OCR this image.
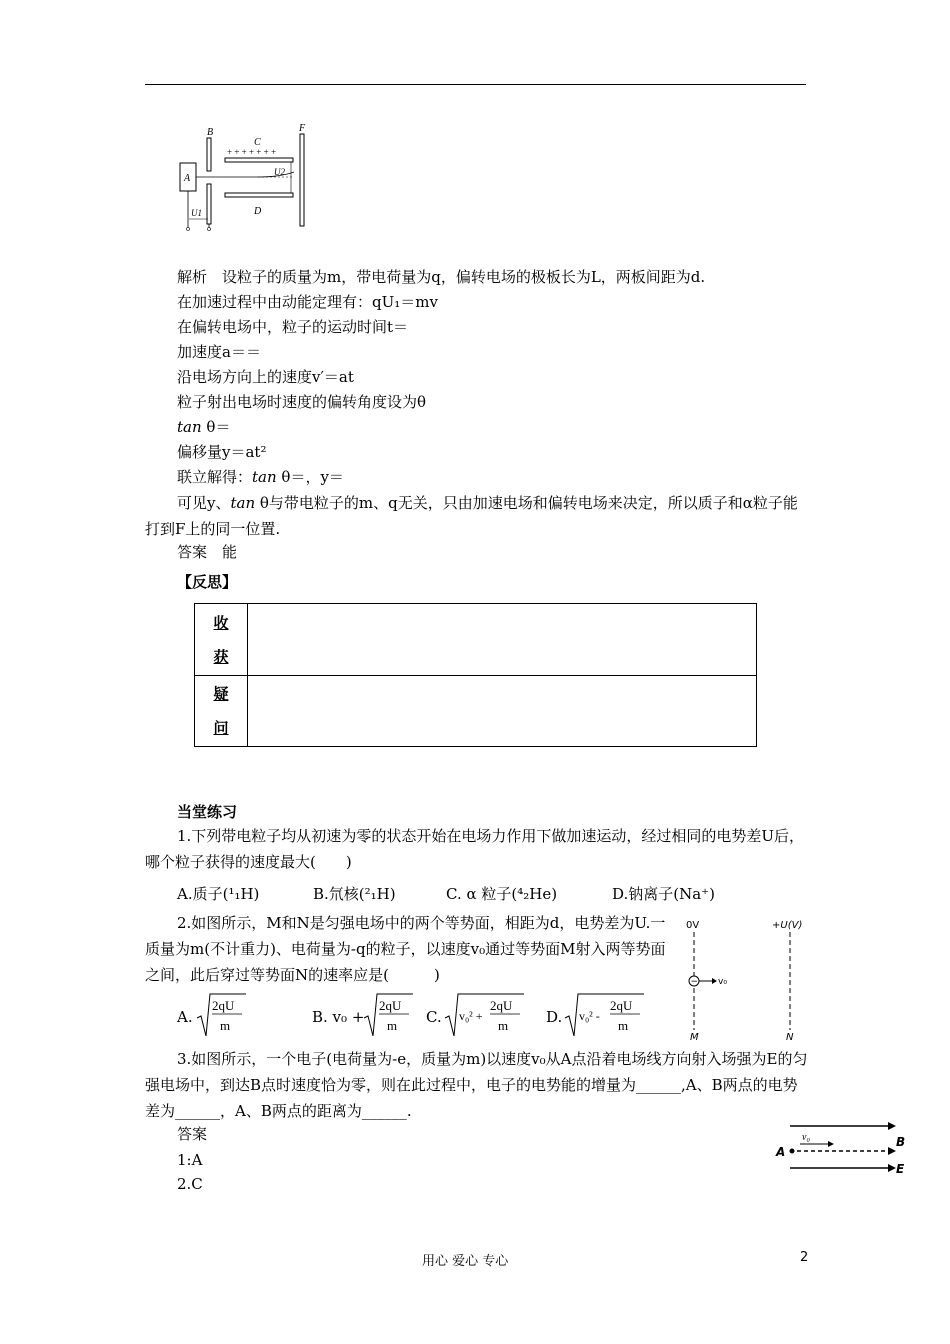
A
B
+ + + + + + +
C
D
F
U2
U1
解析　设粒子的质量为m，带电荷量为q，偏转电场的极板长为L，两板间距为d.
在加速过程中由动能定理有：qU₁＝mv
在偏转电场中，粒子的运动时间t＝
加速度a＝＝
沿电场方向上的速度v′＝at
粒子射出电场时速度的偏转角度设为θ
tan θ＝
偏移量y＝at²
联立解得：tan θ＝，y＝
可见y、tan θ与带电粒子的m、q无关，只由加速电场和偏转电场来决定，所以质子和α粒子能打到F上的同一位置.
答案　能
【反思】
收
获	

疑
问	

当堂练习
1.下列带电粒子均从初速为零的状态开始在电场力作用下做加速运动，经过相同的电势差U后，哪个粒子获得的速度最大(　　)
A.质子(¹₁H)	B.氘核(²₁H)	C. α 粒子(⁴₂He)	D.钠离子(Na⁺)
2.如图所示，M和N是匀强电场中的两个等势面，相距为d，电势差为U.一质量为m(不计重力)、电荷量为-q的粒子，以速度v₀通过等势面M射入两等势面之间，此后穿过等势面N的速率应是(　　　)
0V	+U(V)
− v₀
M	N
A.
2qU
m	B. v₀ +
2qU
m C. v₀² +
2qU
m	D. v₀² -
2qU
m
3.如图所示，一个电子(电荷量为-e，质量为m)以速度v₀从A点沿着电场线方向射入场强为E的匀强电场中，到达B点时速度恰为零，则在此过程中，电子的电势能的增量为______,A、B两点的电势差为______，A、B两点的距离为______.
答案
1:A
2.C
v₀
A
B
E
用心 爱心 专心	2
